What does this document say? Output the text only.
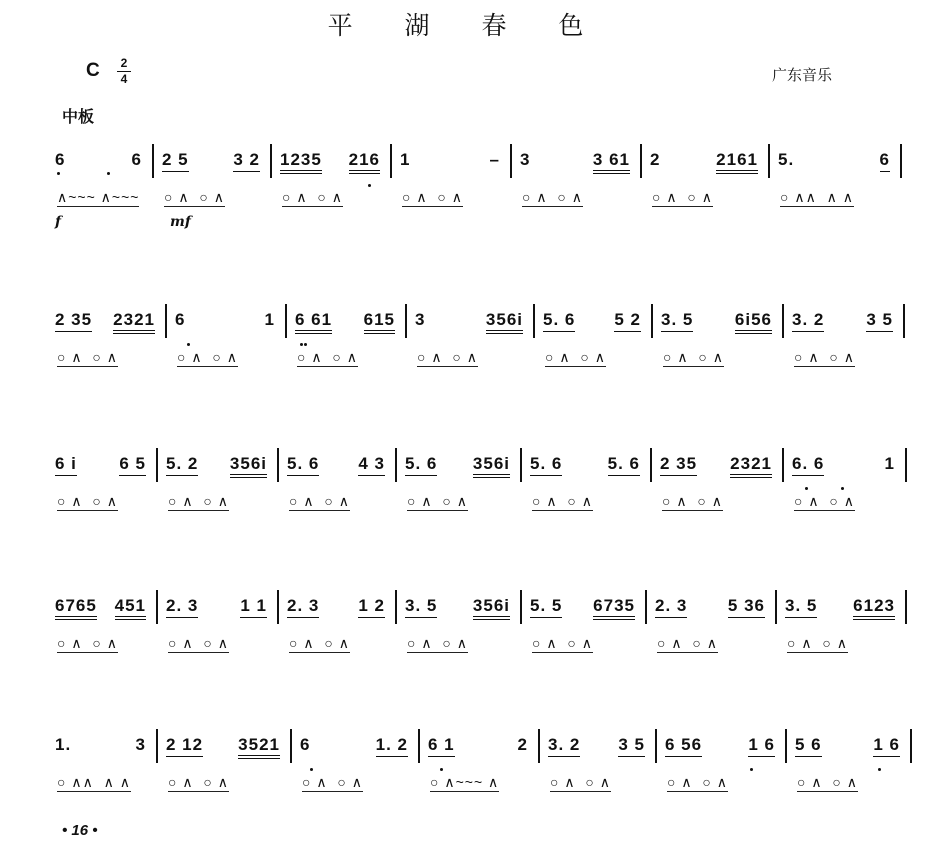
平 湖 春 色
C	2
4	广东音乐
中板
6	6 2 5	3 2 1235 216 1	– 3	3 61 2	2161 5.	6
∧~~~ ∧~~~ ○ ∧  ○ ∧	○ ∧  ○ ∧	○ ∧  ○ ∧	○ ∧  ○ ∧	○ ∧  ○ ∧	○ ∧∧  ∧ ∧
f	mf
2 35 2321 6	1 6 61 615 3	356i 5. 6 5 2 3. 5 6i56 3. 2 3 5
○ ∧  ○ ∧	○ ∧  ○ ∧	○ ∧  ○ ∧	○ ∧  ○ ∧	○ ∧  ○ ∧	○ ∧  ○ ∧	○ ∧  ○ ∧
6 i 6 5 5. 2 356i 5. 6 4 3 5. 6 356i 5. 6	5. 6 2 35 2321 6. 6	1
○ ∧  ○ ∧	○ ∧  ○ ∧	○ ∧  ○ ∧	○ ∧  ○ ∧	○ ∧  ○ ∧	○ ∧  ○ ∧	○ ∧  ○ ∧
6765 451 2. 3 1 1 2. 3 1 2 3. 5 356i 5. 5 6735 2. 3 5 36 3. 5 6123
○ ∧  ○ ∧	○ ∧  ○ ∧	○ ∧  ○ ∧	○ ∧  ○ ∧	○ ∧  ○ ∧	○ ∧  ○ ∧	○ ∧  ○ ∧
1.	3 2 12 3521 6	1. 2 6 1	2 3. 2 3 5 6 56	1 6 5 6	1 6
○ ∧∧  ∧ ∧	○ ∧  ○ ∧	○ ∧  ○ ∧	○ ∧~~~ ∧	○ ∧  ○ ∧	○ ∧  ○ ∧	○ ∧  ○ ∧
• 16 •
